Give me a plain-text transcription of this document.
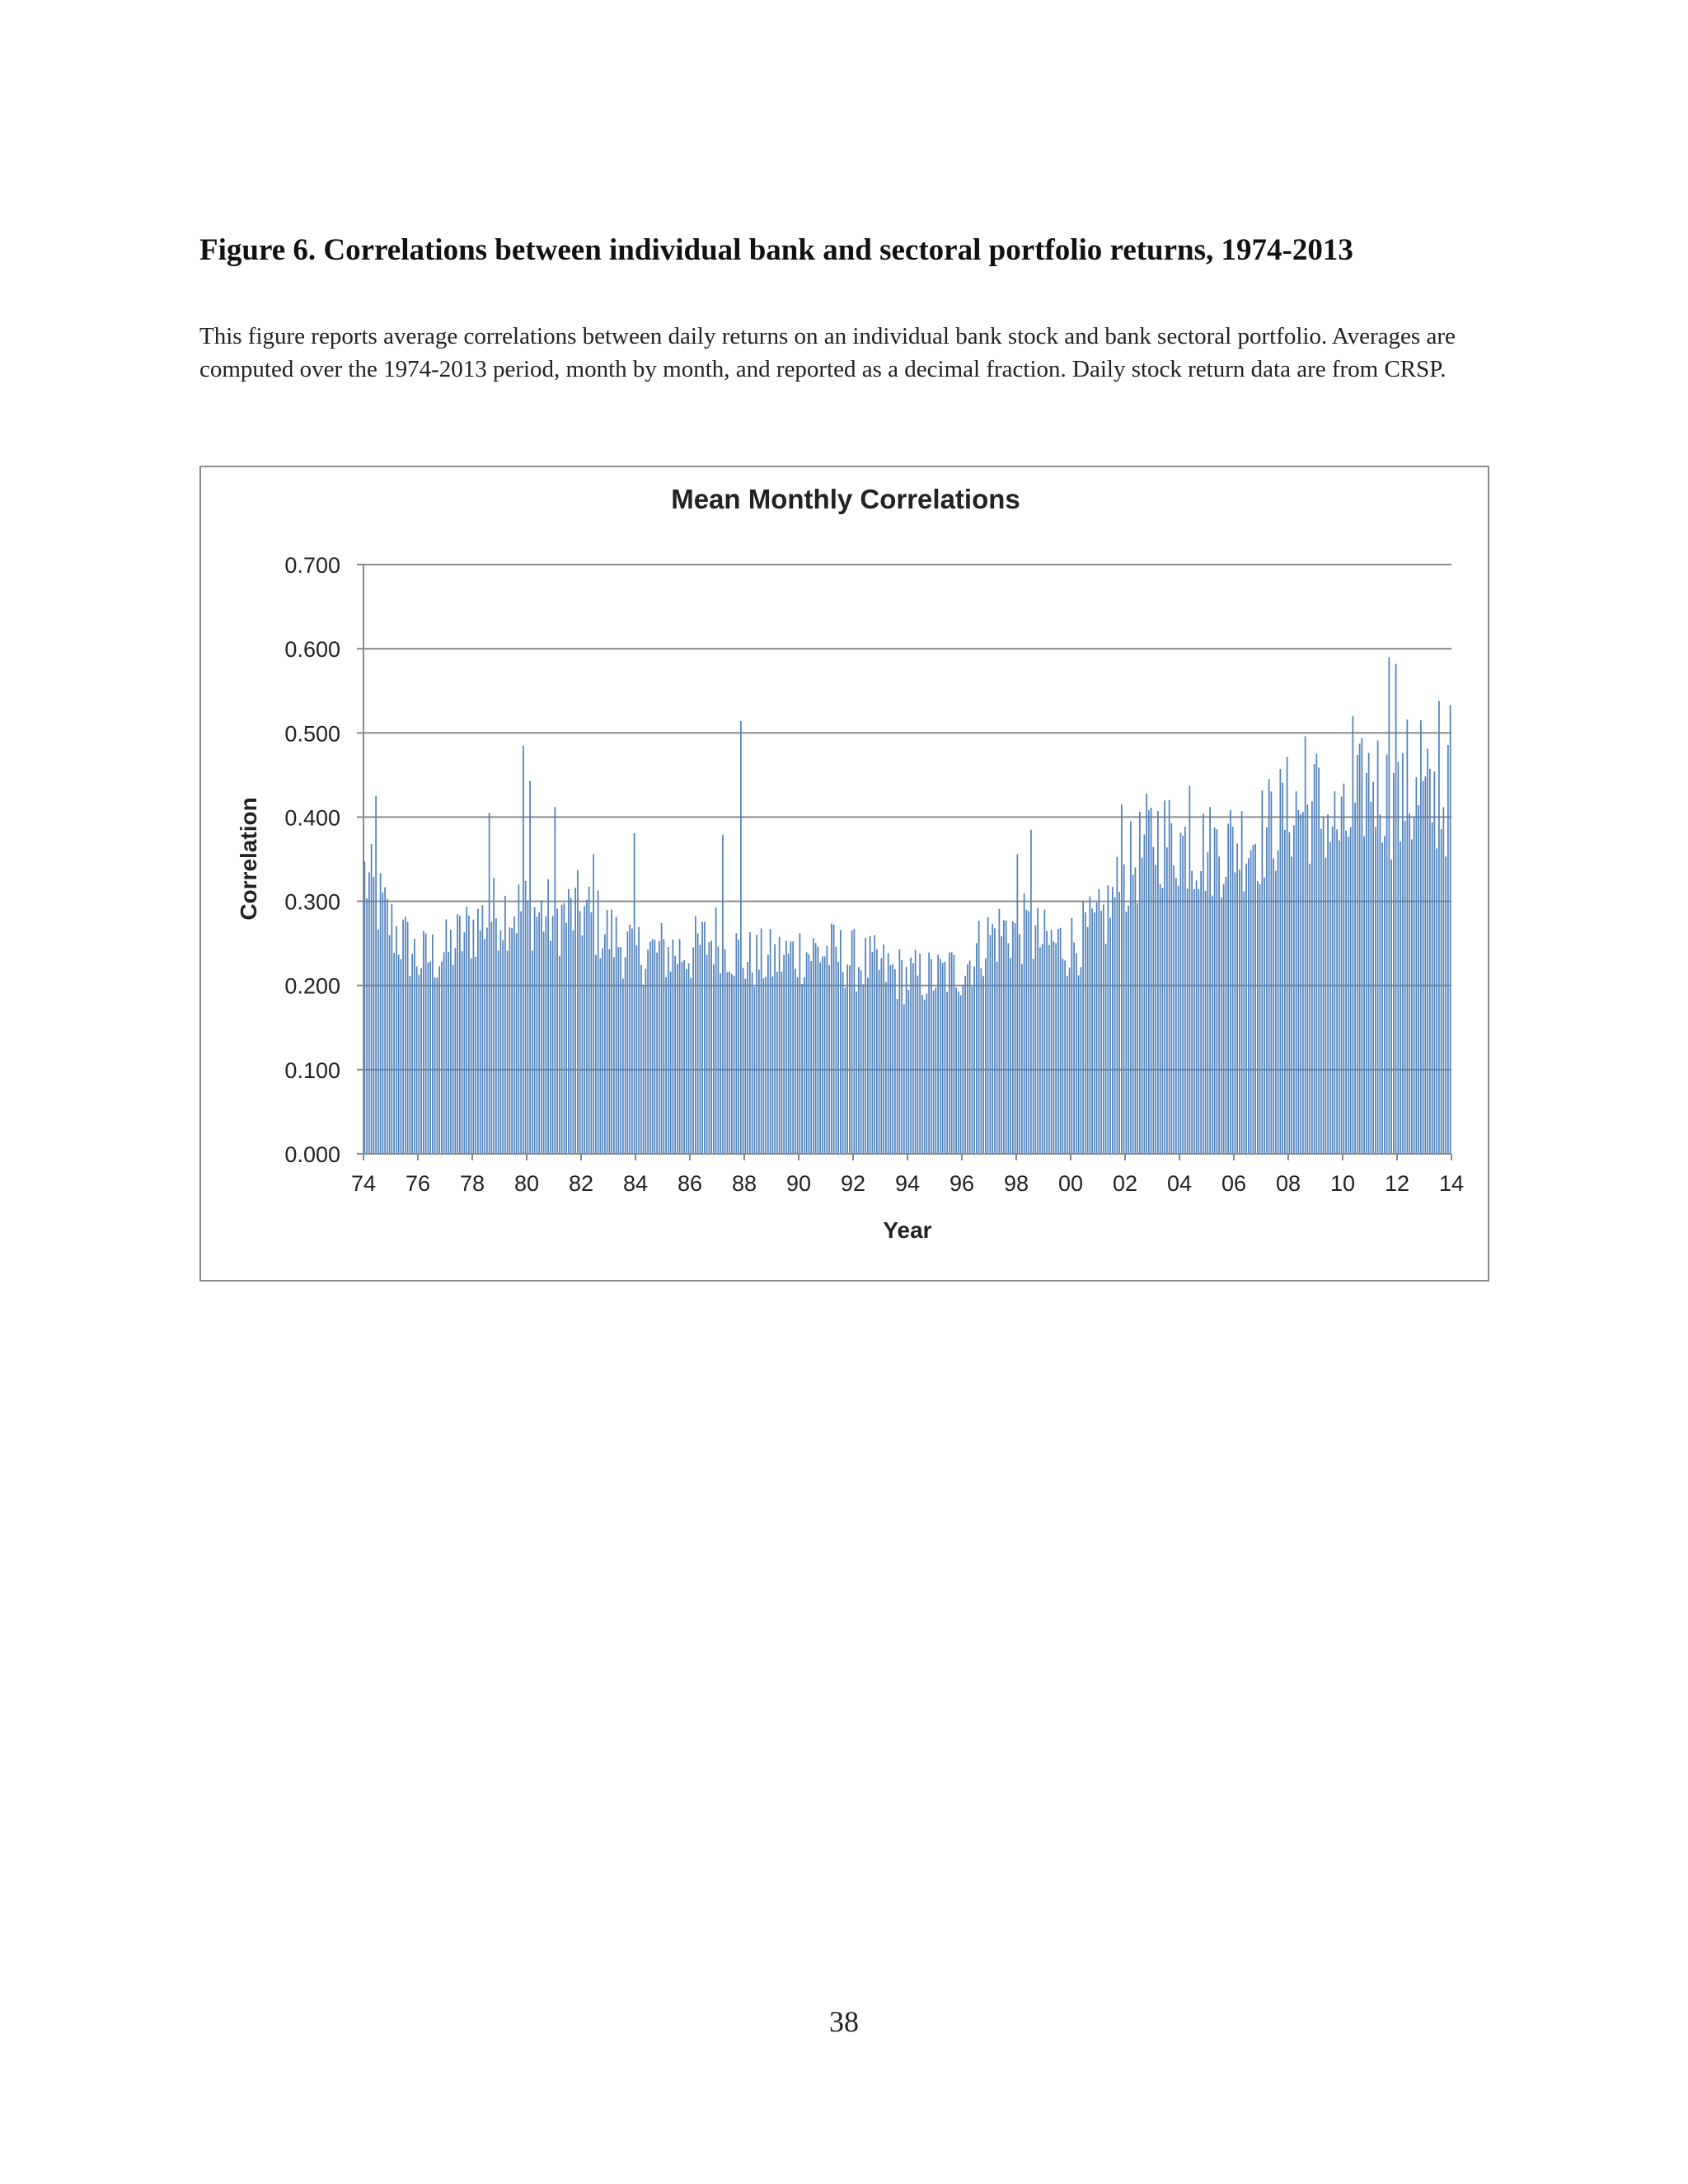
Figure 6. Correlations between individual bank and sectoral portfolio returns, 1974-2013
This figure reports average correlations between daily returns on an individual bank stock and bank sectoral portfolio. Averages are computed over the 1974-2013 period, month by month, and reported as a decimal fraction. Daily stock return data are from CRSP.
Mean Monthly Correlations
0.000
0.100
0.200
0.300
0.400
0.500
0.600
0.700
74 76 78 80 82 84 86 88 90 92 94 96 98 00 02 04 06 08 10 12 14
Year
Correlation
38
